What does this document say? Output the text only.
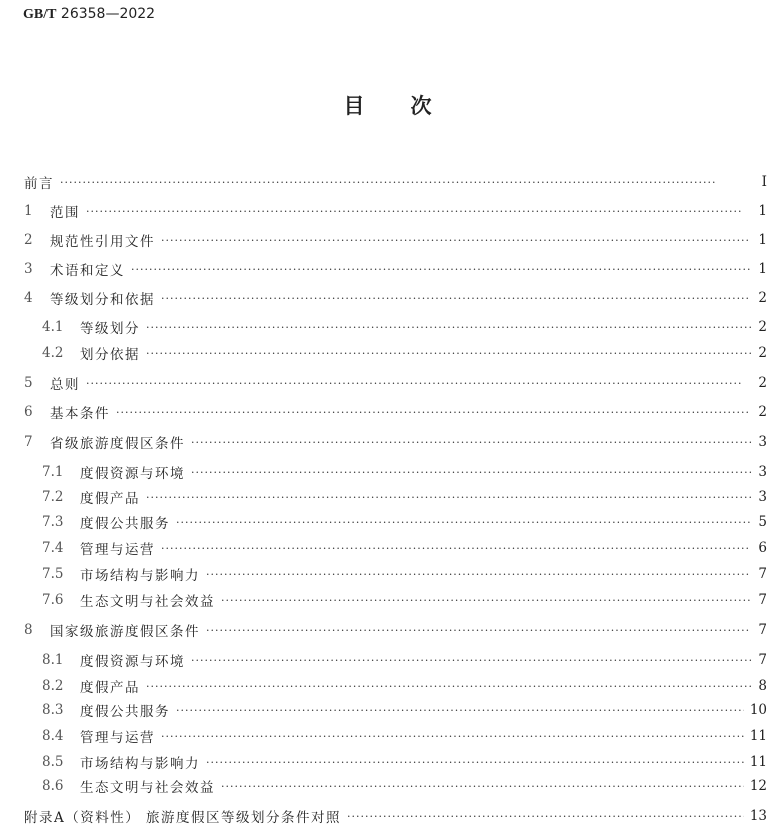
GB/T 26358—2022
目次
前言 ·····	Ⅰ
1	范围 ·····	1
2	规范性引用文件 ·····	1
3	术语和定义 ·····	1
4	等级划分和依据 ·····	2
4.1	等级划分 ·····	2
4.2	划分依据 ·····	2
5	总则 ·····	2
6	基本条件 ·····	2
7	省级旅游度假区条件 ·····	3
7.1	度假资源与环境 ·····	3
7.2	度假产品 ·····	3
7.3	度假公共服务 ·····	5
7.4	管理与运营 ·····	6
7.5	市场结构与影响力 ·····	7
7.6	生态文明与社会效益 ·····	7
8	国家级旅游度假区条件 ·····	7
8.1	度假资源与环境 ·····	7
8.2	度假产品 ·····	8
8.3	度假公共服务 ·····	10
8.4	管理与运营 ·····	11
8.5	市场结构与影响力 ·····	11
8.6	生态文明与社会效益 ·····	12
附录A（资料性） 旅游度假区等级划分条件对照 ·····	13
